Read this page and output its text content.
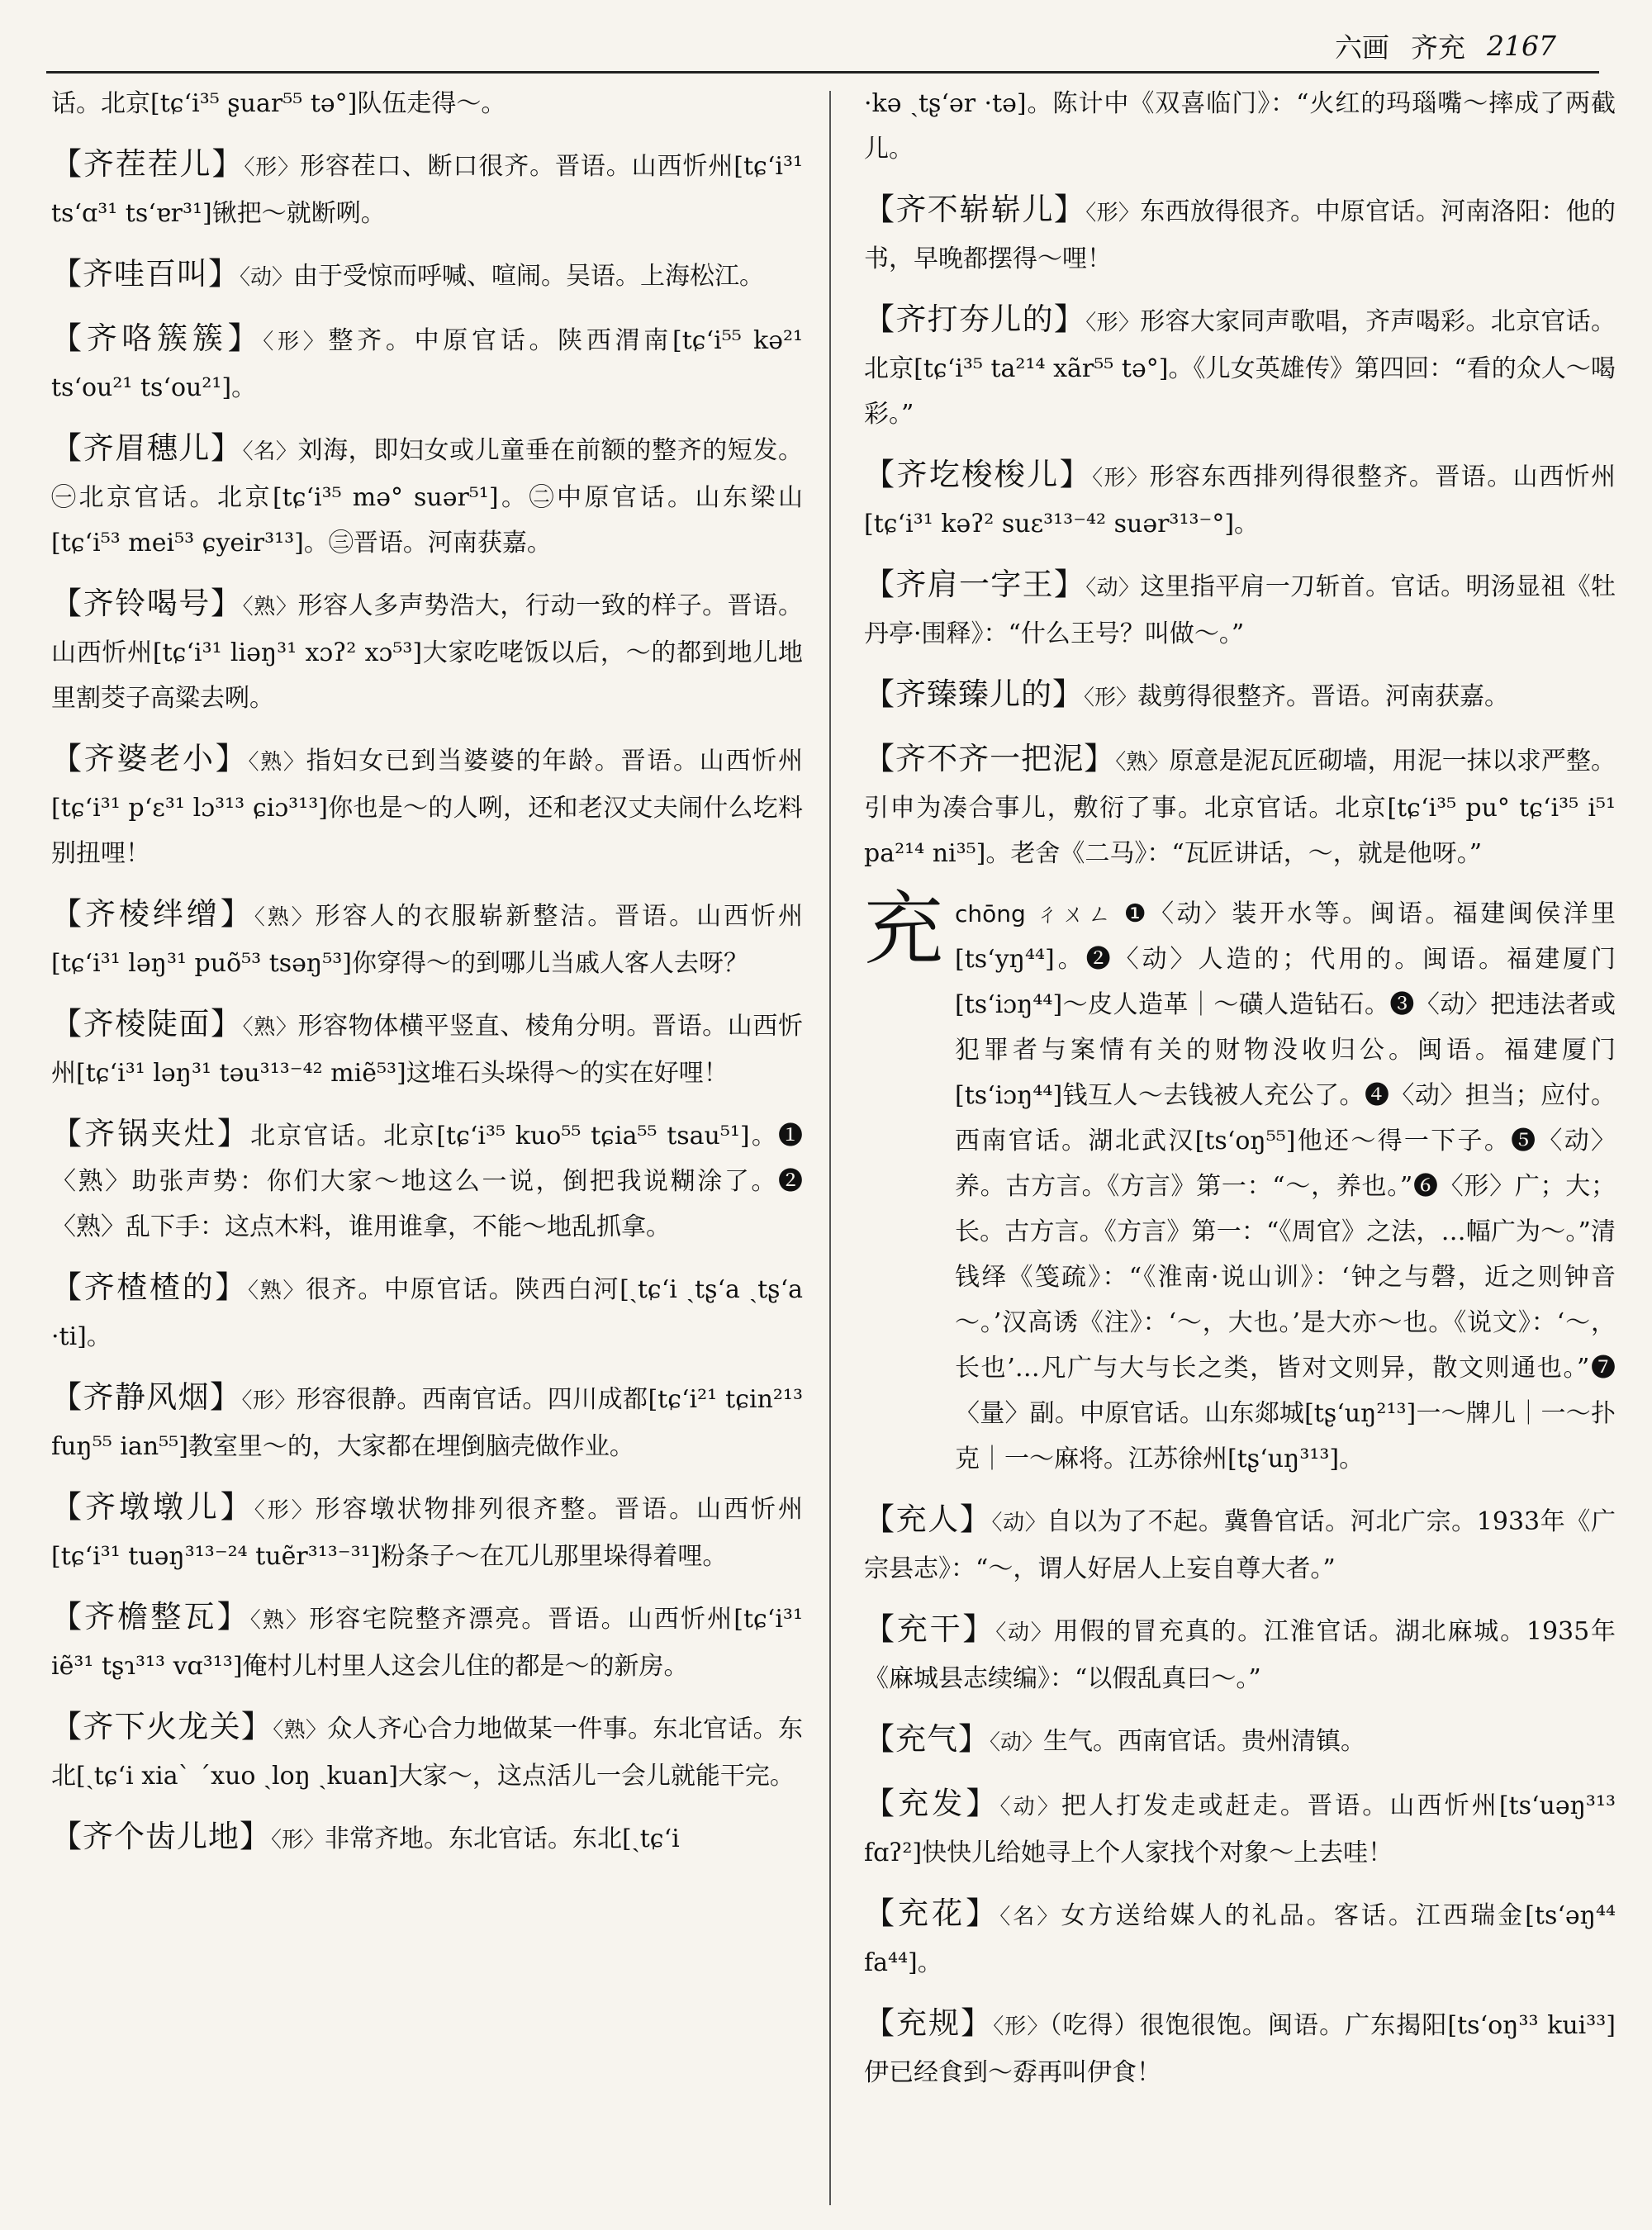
六画 齐充 2167

话。北京[tɕʻi³⁵ ʂuar⁵⁵ tə°]队伍走得～。

【齐茬茬儿】〈形〉形容茬口、断口很齐。晋语。山西忻州[tɕʻi³¹ tsʻɑ³¹ tsʻɐr³¹]锹把～就断咧。

【齐哇百叫】〈动〉由于受惊而呼喊、喧闹。吴语。上海松江。

【齐咯簇簇】〈形〉整齐。中原官话。陕西渭南[tɕʻi⁵⁵ kə²¹ tsʻou²¹ tsʻou²¹]。

【齐眉穗儿】〈名〉刘海，即妇女或儿童垂在前额的整齐的短发。㊀北京官话。北京[tɕʻi³⁵ mə° suər⁵¹]。㊁中原官话。山东梁山[tɕʻi⁵³ mei⁵³ ɕyeir³¹³]。㊂晋语。河南获嘉。

【齐铃喝号】〈熟〉形容人多声势浩大，行动一致的样子。晋语。山西忻州[tɕʻi³¹ liəŋ³¹ xɔʔ² xɔ⁵³]大家吃咾饭以后，～的都到地儿地里割茭子高粱去咧。

【齐婆老小】〈熟〉指妇女已到当婆婆的年龄。晋语。山西忻州[tɕʻi³¹ pʻɛ³¹ lɔ³¹³ ɕiɔ³¹³]你也是～的人咧，还和老汉丈夫闹什么圪料别扭哩！

【齐棱绊缯】〈熟〉形容人的衣服崭新整洁。晋语。山西忻州[tɕʻi³¹ ləŋ³¹ puõ⁵³ tsəŋ⁵³]你穿得～的到哪儿当戚人客人去呀？

【齐棱陡面】〈熟〉形容物体横平竖直、棱角分明。晋语。山西忻州[tɕʻi³¹ ləŋ³¹ təu³¹³⁻⁴² miẽ⁵³]这堆石头垛得～的实在好哩！

【齐锅夹灶】北京官话。北京[tɕʻi³⁵ kuo⁵⁵ tɕia⁵⁵ tsau⁵¹]。❶〈熟〉助张声势：你们大家～地这么一说，倒把我说糊涂了。❷〈熟〉乱下手：这点木料，谁用谁拿，不能～地乱抓拿。

【齐楂楂的】〈熟〉很齐。中原官话。陕西白河[ˏtɕʻi ˏtʂʻa ˏtʂʻa ·ti]。

【齐静风烟】〈形〉形容很静。西南官话。四川成都[tɕʻi²¹ tɕin²¹³ fuŋ⁵⁵ ian⁵⁵]教室里～的，大家都在埋倒脑壳做作业。

【齐墩墩儿】〈形〉形容墩状物排列很齐整。晋语。山西忻州[tɕʻi³¹ tuəŋ³¹³⁻²⁴ tuẽr³¹³⁻³¹]粉条子～在兀儿那里垛得着哩。

【齐檐整瓦】〈熟〉形容宅院整齐漂亮。晋语。山西忻州[tɕʻi³¹ iẽ³¹ tʂɿ³¹³ vɑ³¹³]俺村儿村里人这会儿住的都是～的新房。

【齐下火龙关】〈熟〉众人齐心合力地做某一件事。东北官话。东北[ˏtɕʻi xiaˋ ˊxuo ˏloŋ ˏkuan]大家～，这点活儿一会儿就能干完。

【齐个齿儿地】〈形〉非常齐地。东北官话。东北[ˏtɕʻi

·kə ˏtʂʻər ·tə]。陈计中《双喜临门》：“火红的玛瑙嘴～摔成了两截儿。

【齐不崭崭儿】〈形〉东西放得很齐。中原官话。河南洛阳：他的书，早晚都摆得～哩！

【齐打夯儿的】〈形〉形容大家同声歌唱，齐声喝彩。北京官话。北京[tɕʻi³⁵ ta²¹⁴ xãr⁵⁵ tə°]。《儿女英雄传》第四回：“看的众人～喝彩。”

【齐圪梭梭儿】〈形〉形容东西排列得很整齐。晋语。山西忻州[tɕʻi³¹ kəʔ² suɛ³¹³⁻⁴² suər³¹³⁻°]。

【齐肩一字王】〈动〉这里指平肩一刀斩首。官话。明汤显祖《牡丹亭·围释》：“什么王号？叫做～。”

【齐臻臻儿的】〈形〉裁剪得很整齐。晋语。河南获嘉。

【齐不齐一把泥】〈熟〉原意是泥瓦匠砌墙，用泥一抹以求严整。引申为凑合事儿，敷衍了事。北京官话。北京[tɕʻi³⁵ pu° tɕʻi³⁵ i⁵¹ pa²¹⁴ ni³⁵]。老舍《二马》：“瓦匠讲话，～，就是他呀。”

充 chōng ㄔㄨㄥ ❶〈动〉装开水等。闽语。福建闽侯洋里[tsʻyŋ⁴⁴]。❷〈动〉人造的；代用的。闽语。福建厦门[tsʻiɔŋ⁴⁴]～皮人造革｜～磺人造钻石。❸〈动〉把违法者或犯罪者与案情有关的财物没收归公。闽语。福建厦门[tsʻiɔŋ⁴⁴]钱互人～去钱被人充公了。❹〈动〉担当；应付。西南官话。湖北武汉[tsʻoŋ⁵⁵]他还～得一下子。❺〈动〉养。古方言。《方言》第一：“～，养也。”❻〈形〉广；大；长。古方言。《方言》第一：“《周官》之法，…幅广为～。”清钱绎《笺疏》：“《淮南·说山训》：‘钟之与磬，近之则钟音～。’汉高诱《注》：‘～，大也。’是大亦～也。《说文》：‘～，长也’…凡广与大与长之类，皆对文则异，散文则通也。”❼〈量〉副。中原官话。山东郯城[tʂʻuŋ²¹³]一～牌儿｜一～扑克｜一～麻将。江苏徐州[tʂʻuŋ³¹³]。

【充人】〈动〉自以为了不起。冀鲁官话。河北广宗。1933年《广宗县志》：“～，谓人好居人上妄自尊大者。”

【充干】〈动〉用假的冒充真的。江淮官话。湖北麻城。1935年《麻城县志续编》：“以假乱真曰～。”

【充气】〈动〉生气。西南官话。贵州清镇。

【充发】〈动〉把人打发走或赶走。晋语。山西忻州[tsʻuəŋ³¹³ fɑʔ²]快快儿给她寻上个人家找个对象～上去哇！

【充花】〈名〉女方送给媒人的礼品。客话。江西瑞金[tsʻəŋ⁴⁴ fa⁴⁴]。

【充规】〈形〉（吃得）很饱很饱。闽语。广东揭阳[tsʻoŋ³³ kui³³]伊已经食到～孬再叫伊食！
